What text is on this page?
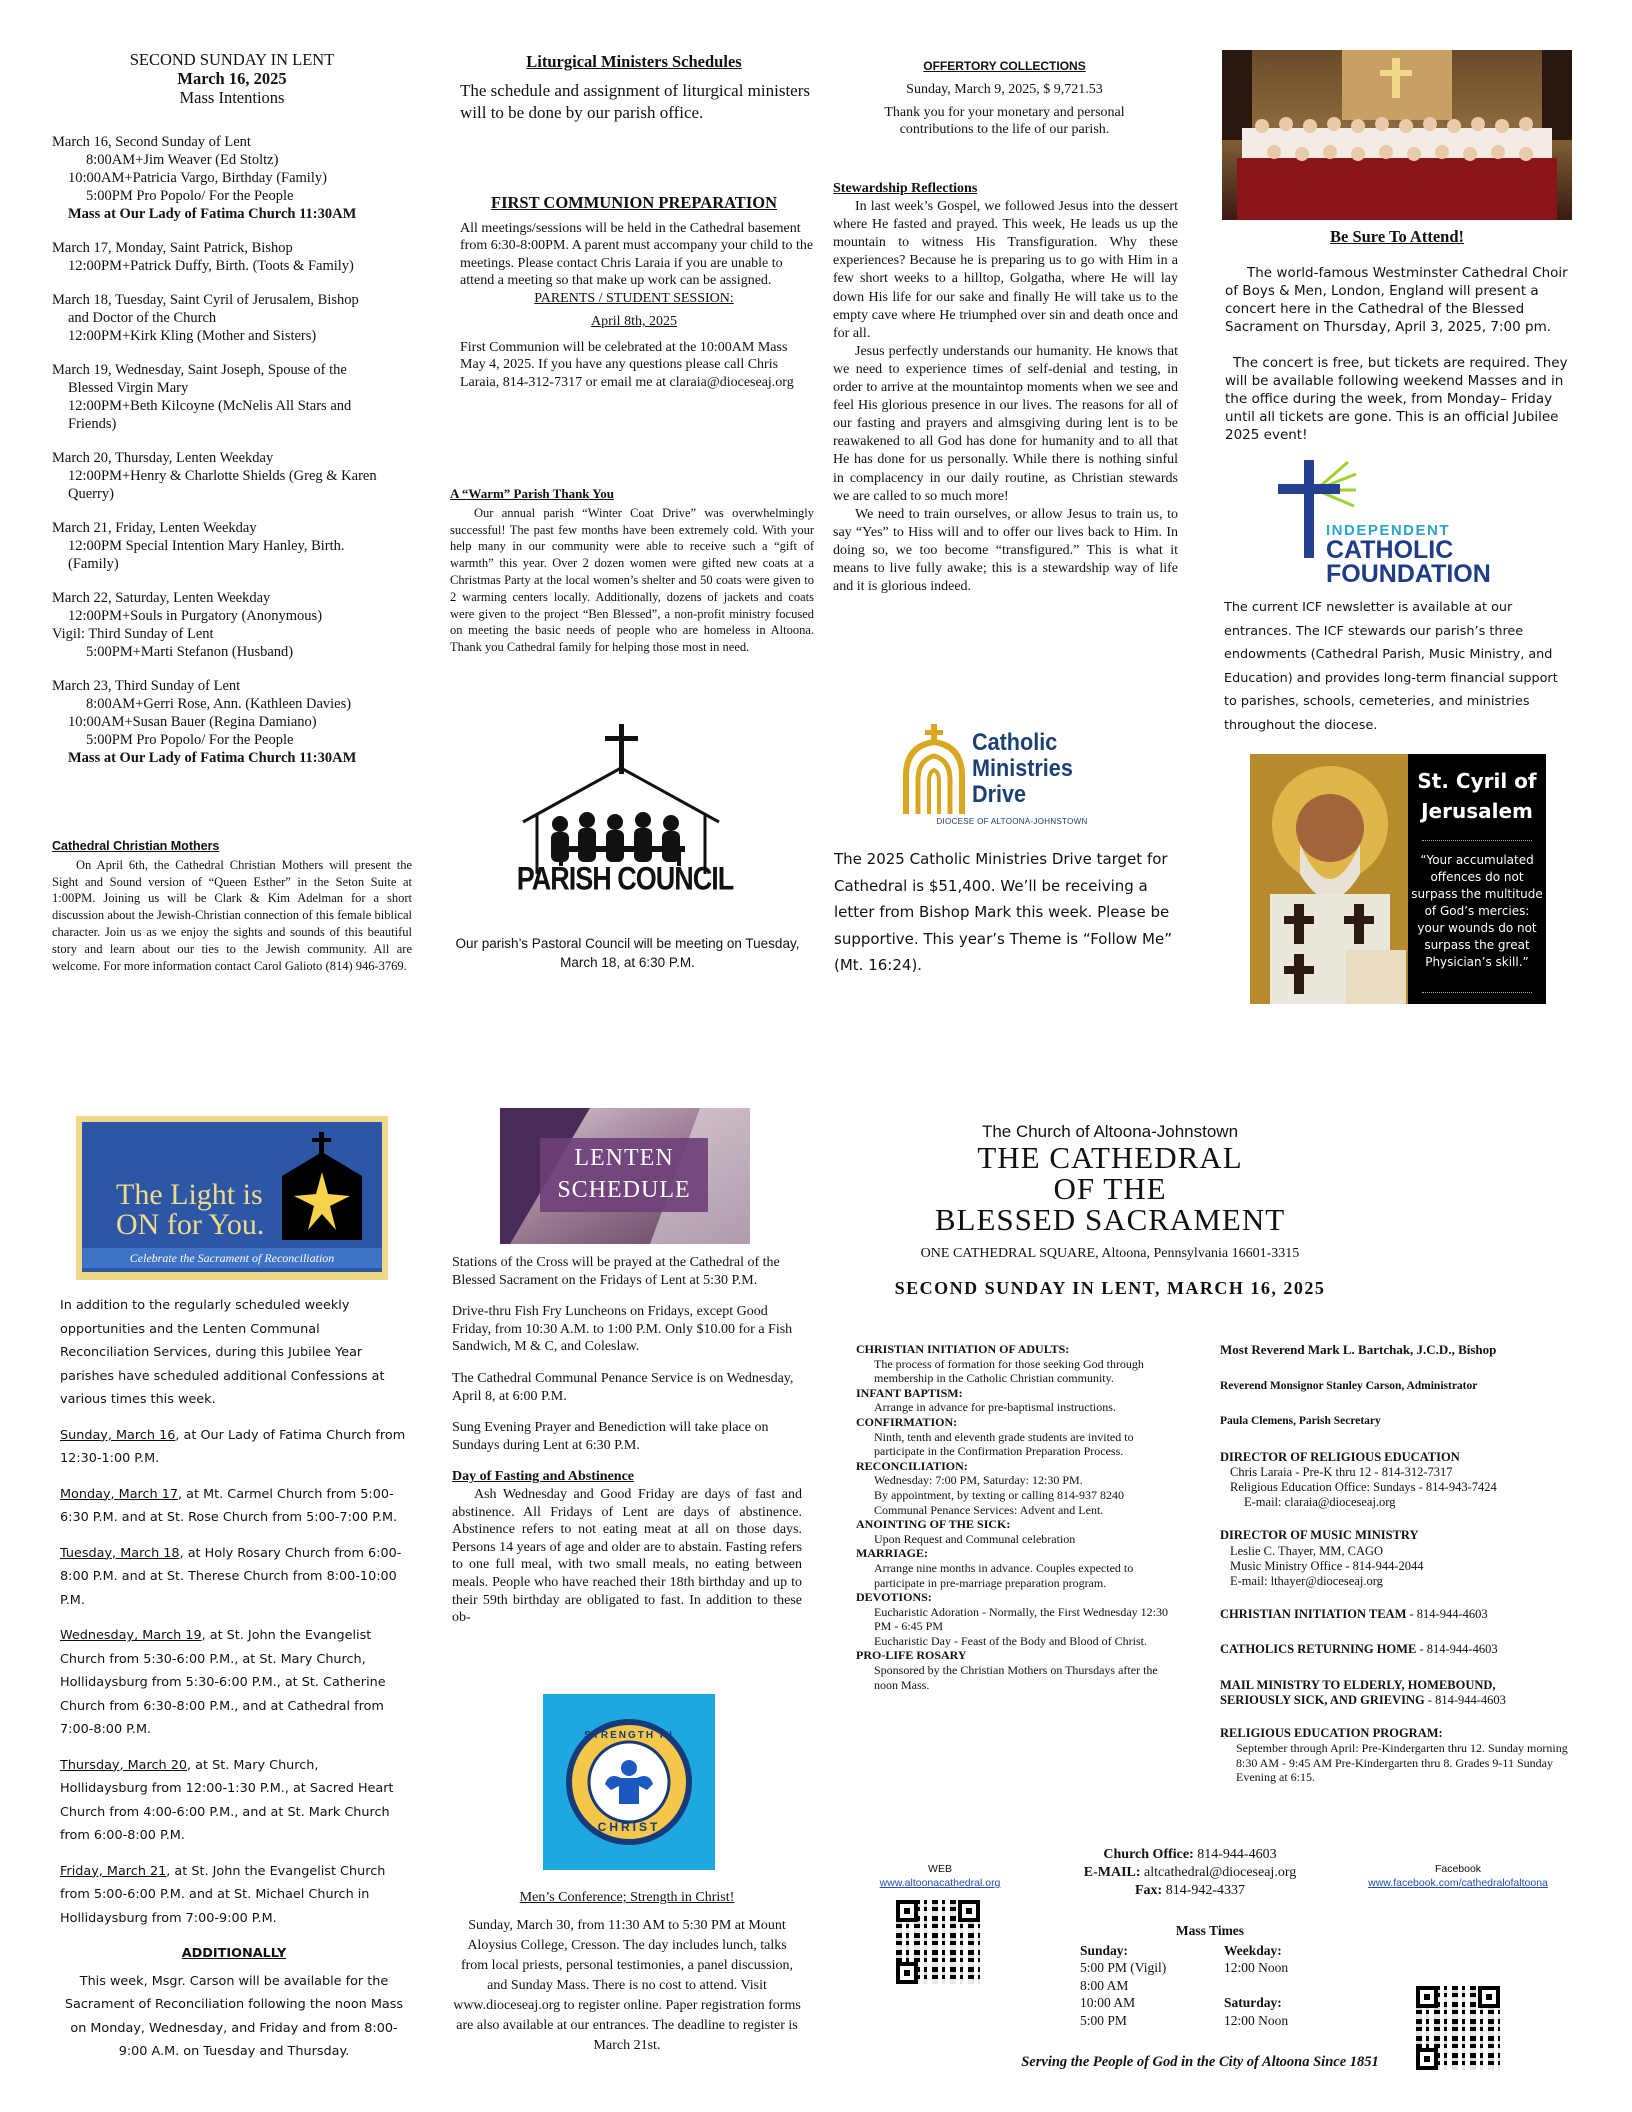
SECOND SUNDAY IN LENT
March 16, 2025
Mass Intentions
March 16, Second Sunday of Lent
8:00AM+Jim Weaver (Ed Stoltz)
10:00AM+Patricia Vargo, Birthday (Family)
5:00PM Pro Popolo/ For the People
Mass at Our Lady of Fatima Church 11:30AM
March 17, Monday, Saint Patrick, Bishop
12:00PM+Patrick Duffy, Birth. (Toots & Family)
March 18, Tuesday, Saint Cyril of Jerusalem, Bishop
and Doctor of the Church
12:00PM+Kirk Kling (Mother and Sisters)
March 19, Wednesday, Saint Joseph, Spouse of the
Blessed Virgin Mary
12:00PM+Beth Kilcoyne (McNelis All Stars and
Friends)
March 20, Thursday, Lenten Weekday
12:00PM+Henry & Charlotte Shields (Greg & Karen
Querry)
March 21, Friday, Lenten Weekday
12:00PM Special Intention Mary Hanley, Birth.
(Family)
March 22, Saturday, Lenten Weekday
12:00PM+Souls in Purgatory (Anonymous)
Vigil: Third Sunday of Lent
5:00PM+Marti Stefanon (Husband)
March 23, Third Sunday of Lent
8:00AM+Gerri Rose, Ann. (Kathleen Davies)
10:00AM+Susan Bauer (Regina Damiano)
5:00PM Pro Popolo/ For the People
Mass at Our Lady of Fatima Church 11:30AM
Cathedral Christian Mothers

On April 6th, the Cathedral Christian Mothers will present the Sight and Sound version of “Queen Esther” in the Seton Suite at 1:00PM. Joining us will be Clark & Kim Adelman for a short discussion about the Jewish-Christian connection of this female biblical character. Join us as we enjoy the sights and sounds of this beautiful story and learn about our ties to the Jewish community. All are welcome. For more information contact Carol Galioto (814) 946-3769.

Liturgical Ministers Schedules

The schedule and assignment of liturgical ministers will to be done by our parish office.

FIRST COMMUNION PREPARATION

All meetings/sessions will be held in the Cathedral basement from 6:30-8:00PM. A parent must accompany your child to the meetings. Please contact Chris Laraia if you are unable to attend a meeting so that make up work can be assigned.

PARENTS / STUDENT SESSION:
April 8th, 2025

First Communion will be celebrated at the 10:00AM Mass May 4, 2025. If you have any questions please call Chris Laraia, 814-312-7317 or email me at claraia@dioceseaj.org

A “Warm” Parish Thank You

Our annual parish “Winter Coat Drive” was overwhelmingly successful! The past few months have been extremely cold. With your help many in our community were able to receive such a “gift of warmth” this year. Over 2 dozen women were gifted new coats at a Christmas Party at the local women’s shelter and 50 coats were given to 2 warming centers locally. Additionally, dozens of jackets and coats were given to the project “Ben Blessed”, a non-profit ministry focused on meeting the basic needs of people who are homeless in Altoona. Thank you Cathedral family for helping those most in need.

PARISH COUNCIL
Our parish’s Pastoral Council will be meeting on Tuesday, March 18, at 6:30 P.M.
OFFERTORY COLLECTIONS
Sunday, March 9, 2025, $ 9,721.53
Thank you for your monetary and personal contributions to the life of our parish.
Stewardship Reflections

In last week’s Gospel, we followed Jesus into the dessert where He fasted and prayed. This week, He leads us up the mountain to witness His Transfiguration. Why these experiences? Because he is preparing us to go with Him in a few short weeks to a hilltop, Golgatha, where He will lay down His life for our sake and finally He will take us to the empty cave where He triumphed over sin and death once and for all.

Jesus perfectly understands our humanity. He knows that we need to experience times of self-denial and testing, in order to arrive at the mountaintop moments when we see and feel His glorious presence in our lives. The reasons for all of our fasting and prayers and almsgiving during lent is to be reawakened to all God has done for humanity and to all that He has done for us personally. While there is nothing sinful in complacency in our daily routine, as Christian stewards we are called to so much more!

We need to train ourselves, or allow Jesus to train us, to say “Yes” to Hiss will and to offer our lives back to Him. In doing so, we too become “transfigured.” This is what it means to live fully awake; this is a stewardship way of life and it is glorious indeed.

Catholic
Ministries
Drive
DIOCESE OF ALTOONA-JOHNSTOWN
The 2025 Catholic Ministries Drive target for Cathedral is $51,400. We’ll be receiving a letter from Bishop Mark this week. Please be supportive. This year’s Theme is “Follow Me” (Mt. 16:24).
Be Sure To Attend!

The world-famous Westminster Cathedral Choir of Boys & Men, London, England will present a concert here in the Cathedral of the Blessed Sacrament on Thursday, April 3, 2025, 7:00 pm.

The concert is free, but tickets are required. They will be available following weekend Masses and in the office during the week, from Monday– Friday until all tickets are gone. This is an official Jubilee 2025 event!

INDEPENDENT
CATHOLIC
FOUNDATION
The current ICF newsletter is available at our entrances. The ICF stewards our parish’s three endowments (Cathedral Parish, Music Ministry, and Education) and provides long-term financial support to parishes, schools, cemeteries, and ministries throughout the diocese.
St. Cyril of
Jerusalem
“Your accumulated offences do not surpass the multitude of God’s mercies: your wounds do not surpass the great Physician’s skill.”
The Light is
ON for You.
Celebrate the Sacrament of Reconciliation

In addition to the regularly scheduled weekly opportunities and the Lenten Communal Reconciliation Services, during this Jubilee Year parishes have scheduled additional Confessions at various times this week.

Sunday, March 16, at Our Lady of Fatima Church from 12:30-1:00 P.M.

Monday, March 17, at Mt. Carmel Church from 5:00-6:30 P.M. and at St. Rose Church from 5:00-7:00 P.M.

Tuesday, March 18, at Holy Rosary Church from 6:00-8:00 P.M. and at St. Therese Church from 8:00-10:00 P.M.

Wednesday, March 19, at St. John the Evangelist Church from 5:30-6:00 P.M., at St. Mary Church, Hollidaysburg from 5:30-6:00 P.M., at St. Catherine Church from 6:30-8:00 P.M., and at Cathedral from 7:00-8:00 P.M.

Thursday, March 20, at St. Mary Church, Hollidaysburg from 12:00-1:30 P.M., at Sacred Heart Church from 4:00-6:00 P.M., and at St. Mark Church from 6:00-8:00 P.M.

Friday, March 21, at St. John the Evangelist Church from 5:00-6:00 P.M. and at St. Michael Church in Hollidaysburg from 7:00-9:00 P.M.

ADDITIONALLY

This week, Msgr. Carson will be available for the Sacrament of Reconciliation following the noon Mass on Monday, Wednesday, and Friday and from 8:00-9:00 A.M. on Tuesday and Thursday.

LENTEN
SCHEDULE

Stations of the Cross will be prayed at the Cathedral of the Blessed Sacrament on the Fridays of Lent at 5:30 P.M.

Drive-thru Fish Fry Luncheons on Fridays, except Good Friday, from 10:30 A.M. to 1:00 P.M. Only $10.00 for a Fish Sandwich, M & C, and Coleslaw.

The Cathedral Communal Penance Service is on Wednesday, April 8, at 6:00 P.M.

Sung Evening Prayer and Benediction will take place on Sundays during Lent at 6:30 P.M.

Day of Fasting and Abstinence

Ash Wednesday and Good Friday are days of fast and abstinence. All Fridays of Lent are days of abstinence. Abstinence refers to not eating meat at all on those days. Persons 14 years of age and older are to abstain. Fasting refers to one full meal, with two small meals, no eating between meals. People who have reached their 18th birthday and up to their 59th birthday are obligated to fast. In addition to these ob-

STRENGTH IN
CHRIST
Men’s Conference; Strength in Christ!

Sunday, March 30, from 11:30 AM to 5:30 PM at Mount Aloysius College, Cresson. The day includes lunch, talks from local priests, personal testimonies, a panel discussion, and Sunday Mass. There is no cost to attend. Visit www.dioceseaj.org to register online. Paper registration forms are also available at our entrances. The deadline to register is March 21st.

The Church of Altoona-Johnstown
THE CATHEDRAL
OF THE
BLESSED SACRAMENT
ONE CATHEDRAL SQUARE, Altoona, Pennsylvania 16601-3315
SECOND SUNDAY IN LENT, MARCH 16, 2025
CHRISTIAN INITIATION OF ADULTS:
The process of formation for those seeking God through membership in the Catholic Christian community.
INFANT BAPTISM:
Arrange in advance for pre-baptismal instructions.
CONFIRMATION:
Ninth, tenth and eleventh grade students are invited to participate in the Confirmation Preparation Process.
RECONCILIATION:
Wednesday: 7:00 PM, Saturday: 12:30 PM.
By appointment, by texting or calling 814-937 8240 Communal Penance Services: Advent and Lent.
ANOINTING OF THE SICK:
Upon Request and Communal celebration
MARRIAGE:
Arrange nine months in advance. Couples expected to participate in pre-marriage preparation program.
DEVOTIONS:
Eucharistic Adoration - Normally, the First Wednesday 12:30 PM - 6:45 PM
Eucharistic Day - Feast of the Body and Blood of Christ.
PRO-LIFE ROSARY
Sponsored by the Christian Mothers on Thursdays after the noon Mass.
Most Reverend Mark L. Bartchak, J.C.D., Bishop
Reverend Monsignor Stanley Carson, Administrator
Paula Clemens, Parish Secretary
DIRECTOR OF RELIGIOUS EDUCATION
Chris Laraia - Pre-K thru 12 - 814-312-7317
Religious Education Office: Sundays - 814-943-7424
E-mail: claraia@dioceseaj.org
DIRECTOR OF MUSIC MINISTRY
Leslie C. Thayer, MM, CAGO
Music Ministry Office - 814-944-2044
E-mail: lthayer@dioceseaj.org
CHRISTIAN INITIATION TEAM - 814-944-4603
CATHOLICS RETURNING HOME - 814-944-4603
MAIL MINISTRY TO ELDERLY, HOMEBOUND,
SERIOUSLY SICK, AND GRIEVING - 814-944-4603
RELIGIOUS EDUCATION PROGRAM:
September through April: Pre-Kindergarten thru 12. Sunday morning 8:30 AM - 9:45 AM Pre-Kindergarten thru 8. Grades 9-11 Sunday Evening at 6:15.
Church Office: 814-944-4603
E-MAIL: altcathedral@dioceseaj.org
Fax: 814-942-4337
WEB
www.altoonacathedral.org
Facebook
www.facebook.com/cathedralofaltoona
Mass Times
Sunday:
5:00 PM (Vigil)
8:00 AM
10:00 AM
5:00 PM
Weekday:
12:00 Noon
Saturday:
12:00 Noon
Serving the People of God in the City of Altoona Since 1851
